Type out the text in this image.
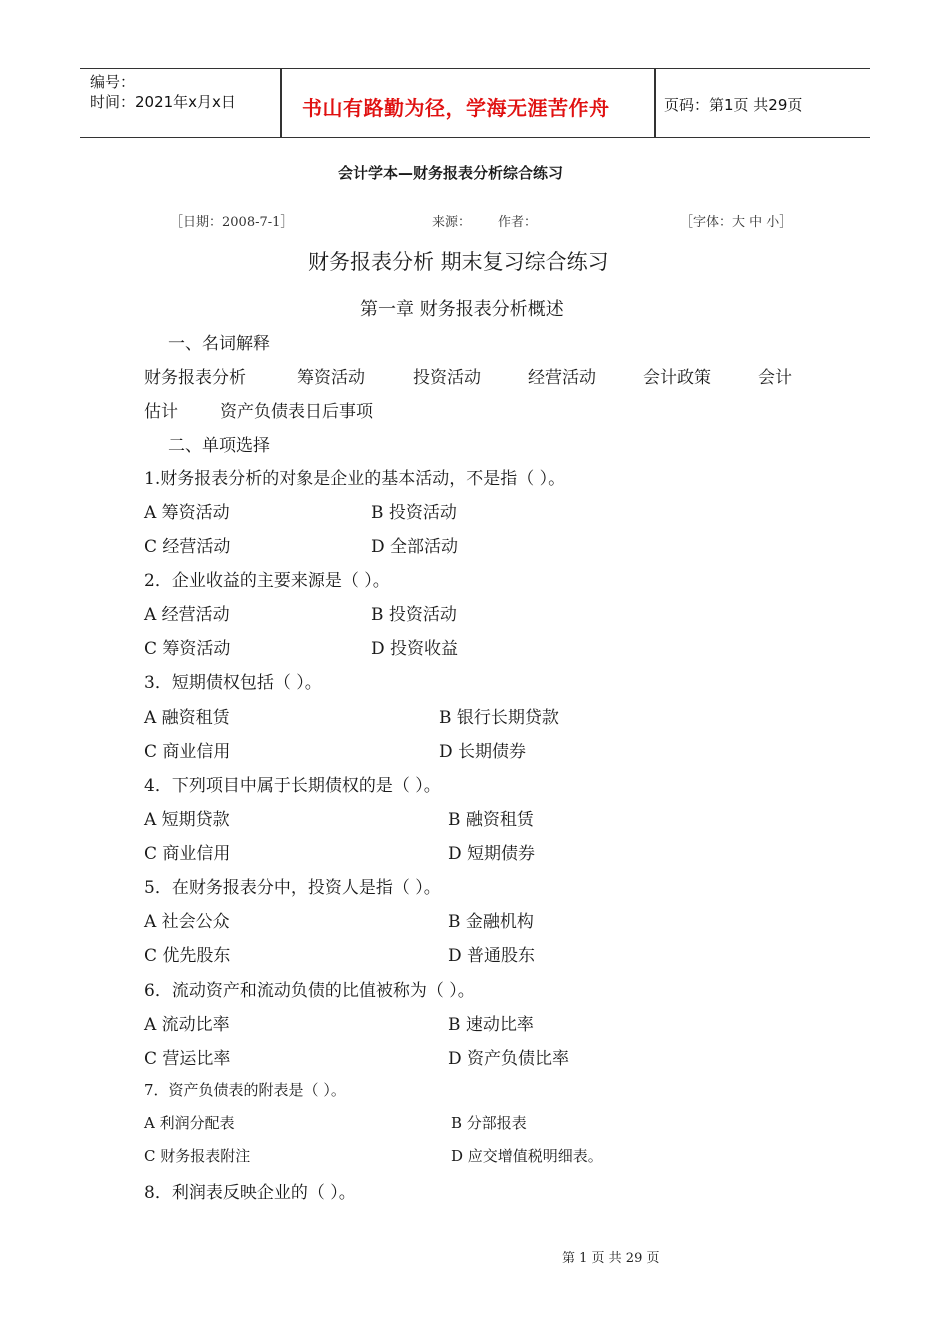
编号：
时间：2021年x月x日	书山有路勤为径，学海无涯苦作舟	页码：第1页 共29页
会计学本—财务报表分析综合练习
［日期：2008-7-1］	来源： 作者：	［字体：大 中 小］
财务报表分析 期末复习综合练习
第一章 财务报表分析概述
一、名词解释
财务报表分析	筹资活动	投资活动	经营活动	会计政策	会计
估计 资产负债表日后事项
二、单项选择
1.财务报表分析的对象是企业的基本活动，不是指（ ）。
A 筹资活动	B 投资活动
C 经营活动	D 全部活动
2．企业收益的主要来源是（ ）。
A 经营活动	B 投资活动
C 筹资活动	D 投资收益
3．短期债权包括（ ）。
A 融资租赁	B 银行长期贷款
C 商业信用	D 长期债券
4．下列项目中属于长期债权的是（ ）。
A 短期贷款	B 融资租赁
C 商业信用	D 短期债券
5．在财务报表分中，投资人是指（ ）。
A 社会公众	B 金融机构
C 优先股东	D 普通股东
6．流动资产和流动负债的比值被称为（ ）。
A 流动比率	B 速动比率
C 营运比率	D 资产负债比率
7．资产负债表的附表是（ ）。
A 利润分配表	B 分部报表
C 财务报表附注	D 应交增值税明细表。
8．利润表反映企业的（ ）。
第 1 页 共 29 页
